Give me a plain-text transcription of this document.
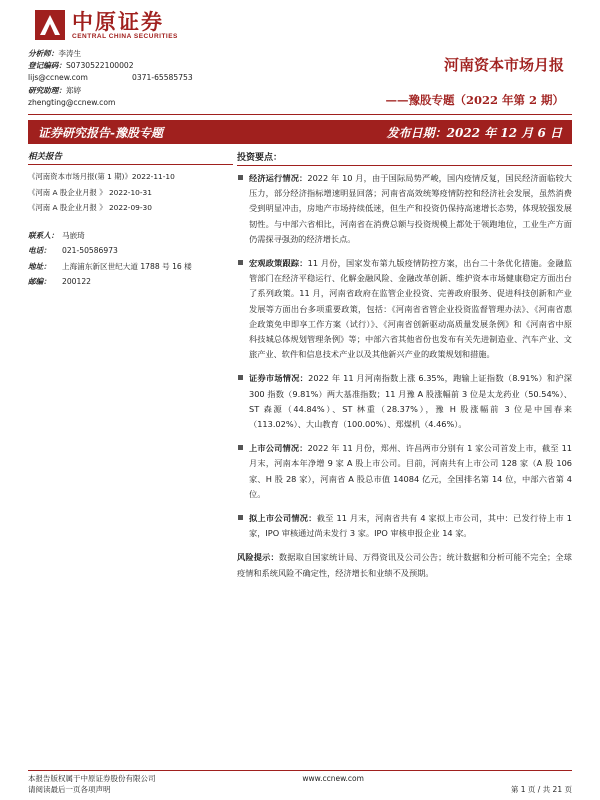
中原证券
CENTRAL CHINA SECURITIES
分析师：李涛生
登记编码：S0730522100002
lijs@ccnew.com	0371-65585753
研究助理：郑婷
zhengting@ccnew.com
河南资本市场月报
——豫股专题（2022 年第 2 期）
证券研究报告-豫股专题	发布日期：2022 年 12 月 6 日
相关报告
《河南资本市场月报(第 1 期)》2022-11-10
《河南 A 股企业月报 》 2022-10-31
《河南 A 股企业月报 》 2022-09-30
联系人： 马嵌琦
电话： 021-50586973
地址： 上海浦东新区世纪大道 1788 号 16 楼
邮编： 200122
投资要点：
经济运行情况：2022 年 10 月，由于国际局势严峻，国内疫情反复，国民经济面临较大压力，部分经济指标增速明显回落；河南省高效统筹疫情防控和经济社会发展，虽然消费受到明显冲击，房地产市场持续低迷，但生产和投资仍保持高速增长态势，体现较强发展韧性。与中部六省相比，河南省在消费总额与投资规模上都处于领跑地位，工业生产方面仍需探寻强劲的经济增长点。
宏观政策跟踪：11 月份，国家发布第九版疫情防控方案，出台二十条优化措施。金融监管部门在经济平稳运行、化解金融风险、金融改革创新、维护资本市场健康稳定方面出台了系列政策。11 月，河南省政府在监管企业投资、完善政府服务、促进科技创新和产业发展等方面出台多项重要政策，包括：《河南省省管企业投资监督管理办法》、《河南省惠企政策免申即享工作方案（试行）》、《河南省创新驱动高质量发展条例》和《河南省中原科技城总体规划管理条例》等；中部六省其他省份也发布有关先进制造业、汽车产业、文旅产业、软件和信息技术产业以及其他新兴产业的政策规划和措施。
证券市场情况：2022 年 11 月河南指数上涨 6.35%，跑输上证指数（8.91%）和沪深 300 指数（9.81%）两大基准指数；11 月豫 A 股涨幅前 3 位是太龙药业（50.54%）、ST 森源（44.84%）、ST 林重（28.37%），豫 H 股涨幅前 3 位是中国春来（113.02%）、大山教育（100.00%）、郑煤机（4.46%）。
上市公司情况：2022 年 11 月份，郑州、许昌两市分别有 1 家公司首发上市，截至 11 月末，河南本年净增 9 家 A 股上市公司。目前，河南共有上市公司 128 家（A 股 106 家、H 股 28 家），河南省 A 股总市值 14084 亿元，全国排名第 14 位，中部六省第 4 位。
拟上市公司情况：截至 11 月末，河南省共有 4 家拟上市公司，其中：已发行待上市 1 家，IPO 审核通过尚未发行 3 家。IPO 审核申报企业 14 家。
风险提示：数据取自国家统计局、万得资讯及公司公告；统计数据和分析可能不完全；全球疫情和系统风险不确定性，经济增长和业绩不及预期。
本报告版权属于中原证券股份有限公司
请阅读最后一页各项声明
www.ccnew.com
第 1 页 / 共 21 页
